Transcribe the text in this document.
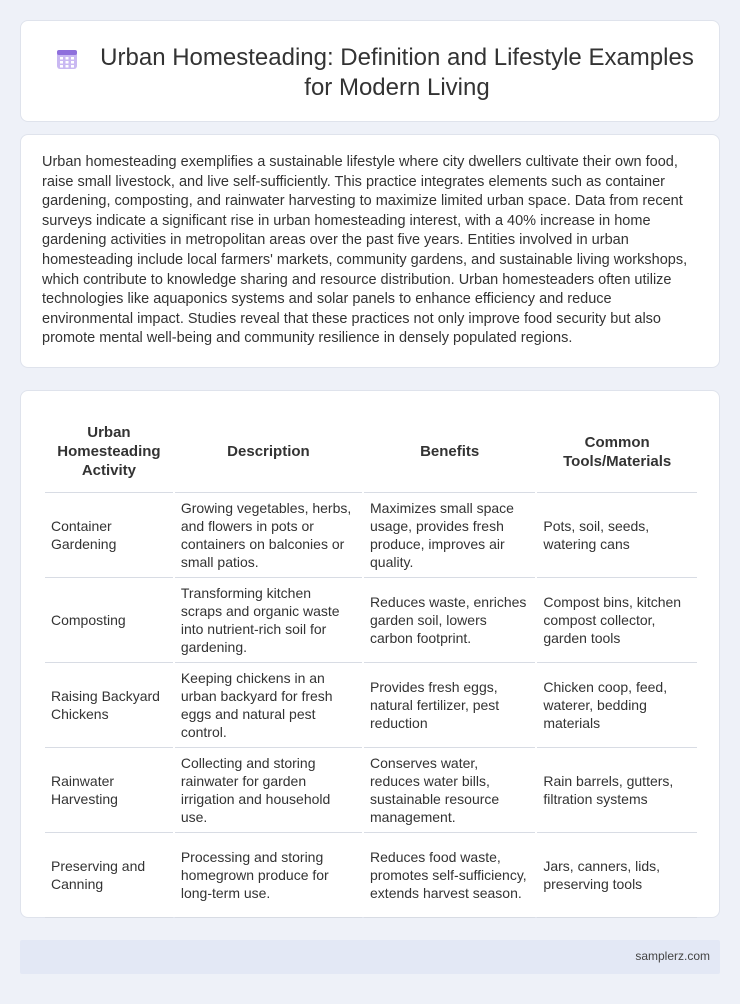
Urban Homesteading: Definition and Lifestyle Examples for Modern Living

Urban homesteading exemplifies a sustainable lifestyle where city dwellers cultivate their own food, raise small livestock, and live self-sufficiently. This practice integrates elements such as container gardening, composting, and rainwater harvesting to maximize limited urban space. Data from recent surveys indicate a significant rise in urban homesteading interest, with a 40% increase in home gardening activities in metropolitan areas over the past five years. Entities involved in urban homesteading include local farmers' markets, community gardens, and sustainable living workshops, which contribute to knowledge sharing and resource distribution. Urban homesteaders often utilize technologies like aquaponics systems and solar panels to enhance efficiency and reduce environmental impact. Studies reveal that these practices not only improve food security but also promote mental well-being and community resilience in densely populated regions.

Urban Homesteading Activity	Description	Benefits	Common Tools/Materials
Container Gardening	Growing vegetables, herbs, and flowers in pots or containers on balconies or small patios.	Maximizes small space usage, provides fresh produce, improves air quality.	Pots, soil, seeds, watering cans
Composting	Transforming kitchen scraps and organic waste into nutrient-rich soil for gardening.	Reduces waste, enriches garden soil, lowers carbon footprint.	Compost bins, kitchen compost collector, garden tools
Raising Backyard Chickens	Keeping chickens in an urban backyard for fresh eggs and natural pest control.	Provides fresh eggs, natural fertilizer, pest reduction	Chicken coop, feed, waterer, bedding materials
Rainwater Harvesting	Collecting and storing rainwater for garden irrigation and household use.	Conserves water, reduces water bills, sustainable resource management.	Rain barrels, gutters, filtration systems
Preserving and Canning	Processing and storing homegrown produce for long-term use.	Reduces food waste, promotes self-sufficiency, extends harvest season.	Jars, canners, lids, preserving tools
samplerz.com
